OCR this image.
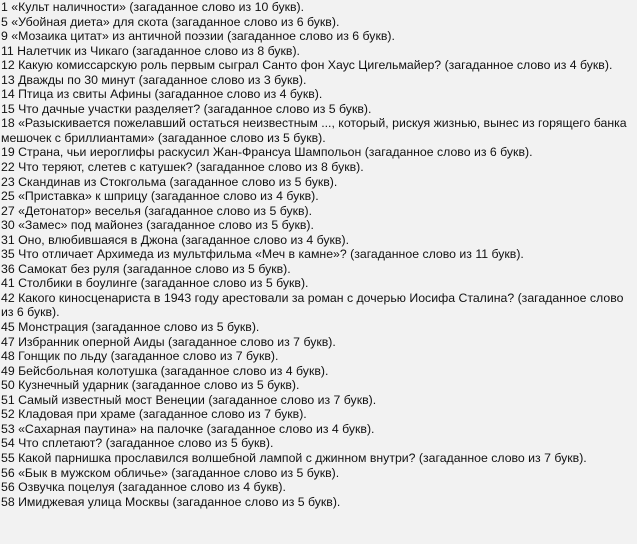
1 «Культ наличности» (загаданное слово из 10 букв).

5 «Убойная диета» для скота (загаданное слово из 6 букв).

9 «Мозаика цитат» из античной поэзии (загаданное слово из 6 букв).

11 Налетчик из Чикаго (загаданное слово из 8 букв).

12 Какую комиссарскую роль первым сыграл Санто фон Хаус Цигельмайер? (загаданное слово из 4 букв).

13 Дважды по 30 минут (загаданное слово из 3 букв).

14 Птица из свиты Афины (загаданное слово из 4 букв).

15 Что дачные участки разделяет? (загаданное слово из 5 букв).

18 «Разыскивается пожелавший остаться неизвестным ..., который, рискуя жизнью, вынес из горящего банка мешочек с бриллиантами» (загаданное слово из 5 букв).

19 Страна, чьи иероглифы раскусил Жан-Франсуа Шампольон (загаданное слово из 6 букв).

22 Что теряют, слетев с катушек? (загаданное слово из 8 букв).

23 Скандинав из Стокгольма (загаданное слово из 5 букв).

25 «Приставка» к шприцу (загаданное слово из 4 букв).

27 «Детонатор» веселья (загаданное слово из 5 букв).

30 «Замес» под майонез (загаданное слово из 5 букв).

31 Оно, влюбившаяся в Джона (загаданное слово из 4 букв).

35 Что отличает Архимеда из мультфильма «Меч в камне»? (загаданное слово из 11 букв).

36 Самокат без руля (загаданное слово из 5 букв).

41 Столбики в боулинге (загаданное слово из 5 букв).

42 Какого киносценариста в 1943 году арестовали за роман с дочерью Иосифа Сталина? (загаданное слово из 6 букв).

45 Монстрация (загаданное слово из 5 букв).

47 Избранник оперной Аиды (загаданное слово из 7 букв).

48 Гонщик по льду (загаданное слово из 7 букв).

49 Бейсбольная колотушка (загаданное слово из 4 букв).

50 Кузнечный ударник (загаданное слово из 5 букв).

51 Самый известный мост Венеции (загаданное слово из 7 букв).

52 Кладовая при храме (загаданное слово из 7 букв).

53 «Сахарная паутина» на палочке (загаданное слово из 4 букв).

54 Что сплетают? (загаданное слово из 5 букв).

55 Какой парнишка прославился волшебной лампой с джинном внутри? (загаданное слово из 7 букв).

56 «Бык в мужском обличье» (загаданное слово из 5 букв).

56 Озвучка поцелуя (загаданное слово из 4 букв).

58 Имиджевая улица Москвы (загаданное слово из 5 букв).
